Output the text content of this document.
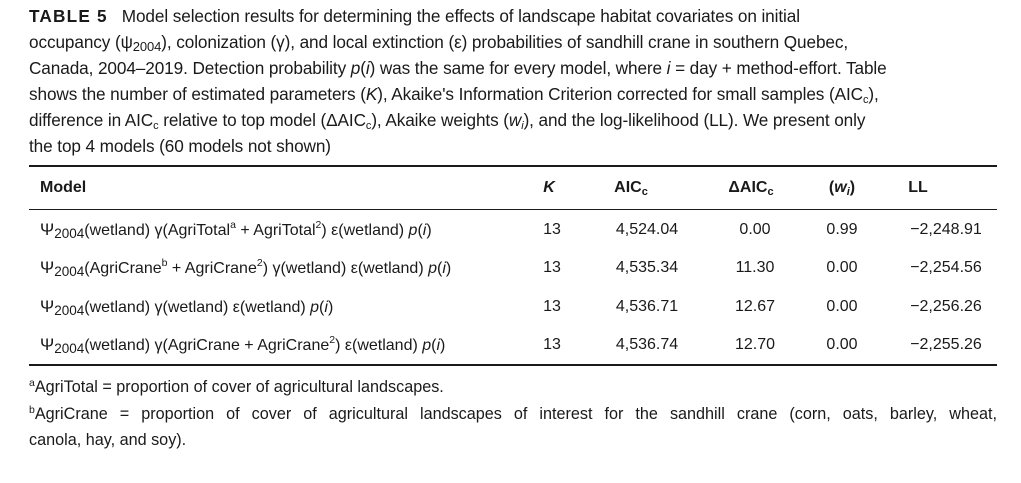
TABLE 5 Model selection results for determining the effects of landscape habitat covariates on initial
occupancy $(\psi_{2004})$, colonization (γ), and local extinction (ε) probabilities of sandhill crane in southern Quebec,
Canada, 2004–2019. Detection probability p(i) was the same for every model, where i = day + method-effort. Table
shows the number of estimated parameters (K), Akaike's Information Criterion corrected for small samples $(AIC_c)$,
difference in $AIC_c$ relative to top model $(\Delta AIC_c)$, Akaike weights $(w_i)$, and the log-likelihood (LL). We present only
the top 4 models (60 models not shown)
Model	K	$AIC_c$	$\Delta AIC_c$	$(w_i)$	LL
$\Psi_{2004}(wetland)$ γ(AgriTotal$^a$ + AgriTotal$^2$) ε(wetland) p(i)	13	4,524.04	0.00	0.99	−2,248.91
$\Psi_{2004}(AgriCrane^b$ + AgriCrane$^2$) γ(wetland) ε(wetland) p(i)	13	4,535.34	11.30	0.00	−2,254.56
$\Psi_{2004}(wetland)$ γ(wetland) ε(wetland) p(i)	13	4,536.71	12.67	0.00	−2,256.26
$\Psi_{2004}(wetland)$ γ(AgriCrane + AgriCrane$^2$) ε(wetland) p(i)	13	4,536.74	12.70	0.00	−2,255.26
$^a$AgriTotal = proportion of cover of agricultural landscapes.
$^b$AgriCrane = proportion of cover of agricultural landscapes of interest for the sandhill crane (corn, oats, barley, wheat,
canola, hay, and soy).
